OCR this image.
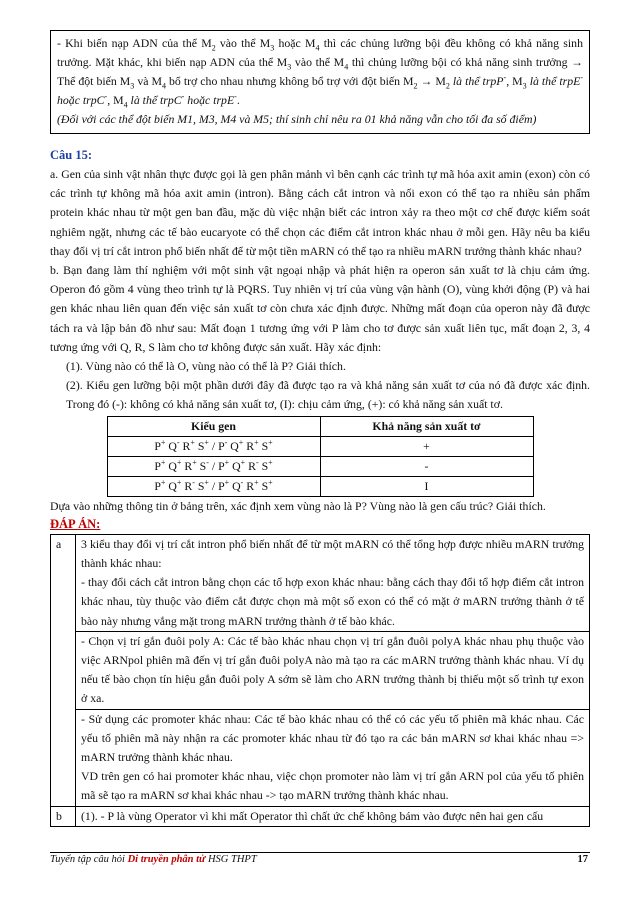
- Khi biến nạp ADN của thể $M_2$ vào thể $M_3$ hoặc $M_4$ thì các chủng lưỡng bội đều không có khả năng sinh trưởng. Mặt khác, khi biến nạp ADN của thể $M_3$ vào thể $M_4$ thì chủng lưỡng bội có khả năng sinh trưởng → Thể đột biến $M_3$ và $M_4$ bổ trợ cho nhau nhưng không bổ trợ với đột biến $M_2 \to M_2$ là thể trpP-, $M_3$ là thể trpE- hoặc trpC-, $M_4$ là thể trpC- hoặc trpE-.
(Đối với các thể đột biến M1, M3, M4 và M5; thí sinh chỉ nêu ra 01 khả năng vẫn cho tối đa số điểm)
Câu 15:

a. Gen của sinh vật nhân thực được gọi là gen phân mảnh vì bên cạnh các trình tự mã hóa axit amin (exon) còn có các trình tự không mã hóa axit amin (intron). Bằng cách cắt intron và nối exon có thể tạo ra nhiều sản phẩm protein khác nhau từ một gen ban đầu, mặc dù việc nhận biết các intron xảy ra theo một cơ chế được kiểm soát nghiêm ngặt, nhưng các tế bào eucaryote có thể chọn các điểm cắt intron khác nhau ở mỗi gen. Hãy nêu ba kiểu thay đổi vị trí cắt intron phổ biến nhất để từ một tiền mARN có thể tạo ra nhiều mARN trưởng thành khác nhau?

b. Bạn đang làm thí nghiệm với một sinh vật ngoại nhập và phát hiện ra operon sản xuất tơ là chịu cảm ứng. Operon đó gồm 4 vùng theo trình tự là PQRS. Tuy nhiên vị trí của vùng vận hành (O), vùng khởi động (P) và hai gen khác nhau liên quan đến việc sản xuất tơ còn chưa xác định được. Những mất đoạn của operon này đã được tách ra và lập bản đồ như sau: Mất đoạn 1 tương ứng với P làm cho tơ được sản xuất liên tục, mất đoạn 2, 3, 4 tương ứng với Q, R, S làm cho tơ không được sản xuất. Hãy xác định:

(1). Vùng nào có thể là O, vùng nào có thể là P? Giải thích.

(2). Kiểu gen lưỡng bội một phần dưới đây đã được tạo ra và khả năng sản xuất tơ của nó đã được xác định. Trong đó (-): không có khả năng sản xuất tơ, (I): chịu cảm ứng, (+): có khả năng sản xuất tơ.

Kiểu gen	Khả năng sản xuất tơ
P+ Q- R+ S+ / P- Q+ R+ S+	+
P+ Q+ R+ S- / P+ Q+ R- S+	-
P+ Q+ R- S+ / P+ Q- R+ S+	I

Dựa vào những thông tin ở bảng trên, xác định xem vùng nào là P? Vùng nào là gen cấu trúc? Giải thích.

ĐÁP ÁN:
a	3 kiểu thay đổi vị trí cắt intron phổ biến nhất để từ một mARN có thể tổng hợp được nhiều mARN trưởng thành khác nhau:
- thay đổi cách cắt intron bằng chọn các tổ hợp exon khác nhau: bằng cách thay đổi tổ hợp điểm cắt intron khác nhau, tùy thuộc vào điểm cắt được chọn mà một số exon có thể có mặt ở mARN trưởng thành ở tế bào này nhưng vắng mặt trong mARN trưởng thành ở tế bào khác.

	- Chọn vị trí gắn đuôi poly A: Các tế bào khác nhau chọn vị trí gắn đuôi polyA khác nhau phụ thuộc vào việc ARNpol phiên mã đến vị trí gắn đuôi polyA nào mà tạo ra các mARN trưởng thành khác nhau. Ví dụ nếu tế bào chọn tín hiệu gắn đuôi poly A sớm sẽ làm cho ARN trưởng thành bị thiếu một số trình tự exon ở xa.

	- Sử dụng các promoter khác nhau: Các tế bào khác nhau có thể có các yếu tố phiên mã khác nhau. Các yếu tố phiên mã này nhận ra các promoter khác nhau từ đó tạo ra các bản mARN sơ khai khác nhau => mARN trưởng thành khác nhau.
VD trên gen có hai promoter khác nhau, việc chọn promoter nào làm vị trí gắn ARN pol của yếu tố phiên mã sẽ tạo ra mARN sơ khai khác nhau -> tạo mARN trưởng thành khác nhau.

b	(1). - P là vùng Operator vì khi mất Operator thì chất ức chế không bám vào được nên hai gen cấu
Tuyển tập câu hỏi Di truyền phân tử HSG THPT	17
